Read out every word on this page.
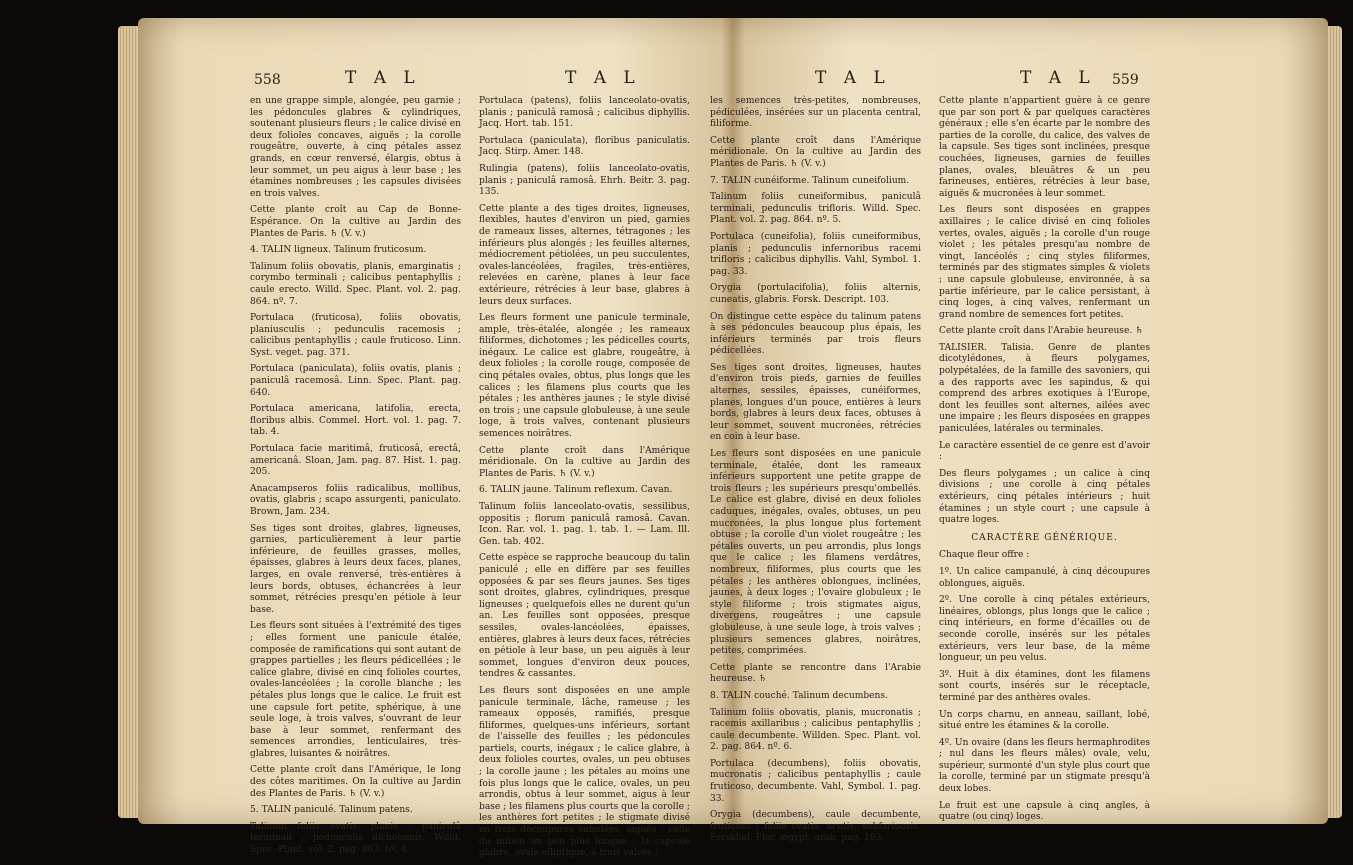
558	T A L	T A L

en une grappe simple, alongée, peu garnie ; les pédoncules glabres & cylindriques, soutenant plusieurs fleurs ; le calice divisé en deux folioles concaves, aiguës ; la corolle rougeâtre, ouverte, à cinq pétales assez grands, en cœur renversé, élargis, obtus à leur sommet, un peu aigus à leur base ; les étamines nombreuses ; les capsules divisées en trois valves.

Cette plante croît au Cap de Bonne-Espérance. On la cultive au Jardin des Plantes de Paris. ♄ (V. v.)

4. TALIN ligneux. Talinum fruticosum.

Talinum foliis obovatis, planis, emarginatis ; corymbo terminali ; calicibus pentaphyllis ; caule erecto. Willd. Spec. Plant. vol. 2. pag. 864. nº. 7.

Portulaca (fruticosa), foliis obovatis, planiusculis ; pedunculis racemosis ; calicibus pentaphyllis ; caule fruticoso. Linn. Syst. veget. pag. 371.

Portulaca (paniculata), foliis ovatis, planis ; paniculâ racemosâ. Linn. Spec. Plant. pag. 640.

Portulaca americana, latifolia, erecta, floribus albis. Commel. Hort. vol. 1. pag. 7. tab. 4.

Portulaca facie maritimâ, fruticosâ, erectâ, americanâ. Sloan, Jam. pag. 87. Hist. 1. pag. 205.

Anacampseros foliis radicalibus, mollibus, ovatis, glabris ; scapo assurgenti, paniculato. Brown, Jam. 234.

Ses tiges sont droites, glabres, ligneuses, garnies, particulièrement à leur partie inférieure, de feuilles grasses, molles, épaisses, glabres à leurs deux faces, planes, larges, en ovale renversé, très-entières à leurs bords, obtuses, échancrées à leur sommet, rétrécies presqu'en pétiole à leur base.

Les fleurs sont situées à l'extrémité des tiges ; elles forment une panicule étalée, composée de ramifications qui sont autant de grappes partielles ; les fleurs pédicellées ; le calice glabre, divisé en cinq folioles courtes, ovales-lancéolées ; la corolle blanche ; les pétales plus longs que le calice. Le fruit est une capsule fort petite, sphérique, à une seule loge, à trois valves, s'ouvrant de leur base à leur sommet, renfermant des semences arrondies, lenticulaires, très-glabres, luisantes & noirâtres.

Cette plante croît dans l'Amérique, le long des côtes maritimes. On la cultive au Jardin des Plantes de Paris. ♄ (V. v.)

5. TALIN paniculé. Talinum patens.

Talinum foliis ovatis, planis ; paniculâ terminali ; pedunculis dichotomis. Willd. Spec. Plant. vol. 2. pag. 863. nº. 4.

Portulaca (patens), foliis lanceolato-ovatis, planis ; paniculâ ramosâ ; calicibus diphyllis. Jacq. Hort. tab. 151.

Portulaca (paniculata), floribus paniculatis. Jacq. Stirp. Amer. 148.

Rulingia (patens), foliis lanceolato-ovatis, planis ; paniculâ ramosâ. Ehrh. Beitr. 3. pag. 135.

Cette plante a des tiges droites, ligneuses, flexibles, hautes d'environ un pied, garnies de rameaux lisses, alternes, tétragones ; les inférieurs plus alongés ; les feuilles alternes, médiocrement pétiolées, un peu succulentes, ovales-lancéolées, fragiles, très-entières, relevées en carène, planes à leur face extérieure, rétrécies à leur base, glabres à leurs deux surfaces.

Les fleurs forment une panicule terminale, ample, très-étalée, alongée ; les rameaux filiformes, dichotomes ; les pédicelles courts, inégaux. Le calice est glabre, rougeâtre, à deux folioles ; la corolle rouge, composée de cinq pétales ovales, obtus, plus longs que les calices ; les filamens plus courts que les pétales ; les anthères jaunes ; le style divisé en trois ; une capsule globuleuse, à une seule loge, à trois valves, contenant plusieurs semences noirâtres.

Cette plante croît dans l'Amérique méridionale. On la cultive au Jardin des Plantes de Paris. ♄ (V. v.)

6. TALIN jaune. Talinum reflexum. Cavan.

Talinum foliis lanceolato-ovatis, sessilibus, oppositis ; florum paniculâ ramosâ. Cavan. Icon. Rar. vol. 1. pag. 1. tab. 1. — Lam. Ill. Gen. tab. 402.

Cette espèce se rapproche beaucoup du talin paniculé ; elle en diffère par ses feuilles opposées & par ses fleurs jaunes. Ses tiges sont droites, glabres, cylindriques, presque ligneuses ; quelquefois elles ne durent qu'un an. Les feuilles sont opposées, presque sessiles, ovales-lancéolées, épaisses, entières, glabres à leurs deux faces, rétrécies en pétiole à leur base, un peu aiguës à leur sommet, longues d'environ deux pouces, tendres & cassantes.

Les fleurs sont disposées en une ample panicule terminale, lâche, rameuse ; les rameaux opposés, ramifiés, presque filiformes, quelques-uns inférieurs, sortant de l'aisselle des feuilles ; les pédoncules partiels, courts, inégaux ; le calice glabre, à deux folioles courtes, ovales, un peu obtuses ; la corolle jaune ; les pétales au moins une fois plus longs que le calice, ovales, un peu arrondis, obtus à leur sommet, aigus à leur base ; les filamens plus courts que la corolle ; les anthères fort petites ; le stigmate divisé en trois découpures subulées, aiguës ; celle du milieu un peu plus longue ; la capsule glabre, ovale-elliptique, à trois valves ;

T A L	T A L 559

les semences très-petites, nombreuses, pédiculées, insérées sur un placenta central, filiforme.

Cette plante croît dans l'Amérique méridionale. On la cultive au Jardin des Plantes de Paris. ♄ (V. v.)

7. TALIN cunéiforme. Talinum cuneifolium.

Talinum foliis cuneiformibus, paniculâ terminali, pedunculis trifloris. Willd. Spec. Plant. vol. 2. pag. 864. nº. 5.

Portulaca (cuneifolia), foliis cuneiformibus, planis ; pedunculis infernoribus racemi trifloris ; calicibus diphyllis. Vahl, Symbol. 1. pag. 33.

Orygia (portulacifolia), foliis alternis, cuneatis, glabris. Forsk. Descript. 103.

On distingue cette espèce du talinum patens à ses pédoncules beaucoup plus épais, les inférieurs terminés par trois fleurs pédicellées.

Ses tiges sont droites, ligneuses, hautes d'environ trois pieds, garnies de feuilles alternes, sessiles, épaisses, cunéiformes, planes, longues d'un pouce, entières à leurs bords, glabres à leurs deux faces, obtuses à leur sommet, souvent mucronées, rétrécies en coin à leur base.

Les fleurs sont disposées en une panicule terminale, étalée, dont les rameaux inférieurs supportent une petite grappe de trois fleurs ; les supérieurs presqu'ombellés. Le calice est glabre, divisé en deux folioles caduques, inégales, ovales, obtuses, un peu mucronées, la plus longue plus fortement obtuse ; la corolle d'un violet rougeâtre ; les pétales ouverts, un peu arrondis, plus longs que le calice ; les filamens verdâtres, nombreux, filiformes, plus courts que les pétales ; les anthères oblongues, inclinées, jaunes, à deux loges ; l'ovaire globuleux ; le style filiforme ; trois stigmates aigus, divergens, rougeâtres ; une capsule globuleuse, à une seule loge, à trois valves ; plusieurs semences glabres, noirâtres, petites, comprimées.

Cette plante se rencontre dans l'Arabie heureuse. ♄

8. TALIN couché. Talinum decumbens.

Talinum foliis obovatis, planis, mucronatis ; racemis axillaribus ; calicibus pentaphyllis ; caule decumbente. Willden. Spec. Plant. vol. 2. pag. 864. nº. 6.

Portulaca (decumbens), foliis obovatis, mucronatis ; calicibus pentaphyllis ; caule fruticoso, decumbente. Vahl, Symbol. 1. pag. 33.

Orygia (decumbens), caule decumbente, fruticoso ; foliis ovatis, acutis, subfarinosis. Forskhal, Flor. ægypt.-arab. pag. 103.

Cette plante n'appartient guère à ce genre que par son port & par quelques caractères généraux ; elle s'en écarte par le nombre des parties de la corolle, du calice, des valves de la capsule. Ses tiges sont inclinées, presque couchées, ligneuses, garnies de feuilles planes, ovales, bleuâtres & un peu farineuses, entières, rétrécies à leur base, aiguës & mucronées à leur sommet.

Les fleurs sont disposées en grappes axillaires ; le calice divisé en cinq folioles vertes, ovales, aiguës ; la corolle d'un rouge violet ; les pétales presqu'au nombre de vingt, lancéolés ; cinq styles filiformes, terminés par des stigmates simples & violets ; une capsule globuleuse, environnée, à sa partie inférieure, par le calice persistant, à cinq loges, à cinq valves, renfermant un grand nombre de semences fort petites.

Cette plante croît dans l'Arabie heureuse. ♄

TALISIER. Talisia. Genre de plantes dicotylédones, à fleurs polygames, polypétalées, de la famille des savoniers, qui a des rapports avec les sapindus, & qui comprend des arbres exotiques à l'Europe, dont les feuilles sont alternes, ailées avec une impaire ; les fleurs disposées en grappes paniculées, latérales ou terminales.

Le caractère essentiel de ce genre est d'avoir :

Des fleurs polygames ; un calice à cinq divisions ; une corolle à cinq pétales extérieurs, cinq pétales intérieurs ; huit étamines ; un style court ; une capsule à quatre loges.

CARACTÈRE GÉNÉRIQUE.

Chaque fleur offre :

1º. Un calice campanulé, à cinq découpures oblongues, aiguës.

2º. Une corolle à cinq pétales extérieurs, linéaires, oblongs, plus longs que le calice ; cinq intérieurs, en forme d'écailles ou de seconde corolle, insérés sur les pétales extérieurs, vers leur base, de la même longueur, un peu velus.

3º. Huit à dix étamines, dont les filamens sont courts, insérés sur le réceptacle, terminé par des anthères ovales.

Un corps charnu, en anneau, saillant, lobé, situé entre les étamines & la corolle.

4º. Un ovaire (dans les fleurs hermaphrodites ; nul dans les fleurs mâles) ovale, velu, supérieur, surmonté d'un style plus court que la corolle, terminé par un stigmate presqu'à deux lobes.

Le fruit est une capsule à cinq angles, à quatre (ou cinq) loges.
